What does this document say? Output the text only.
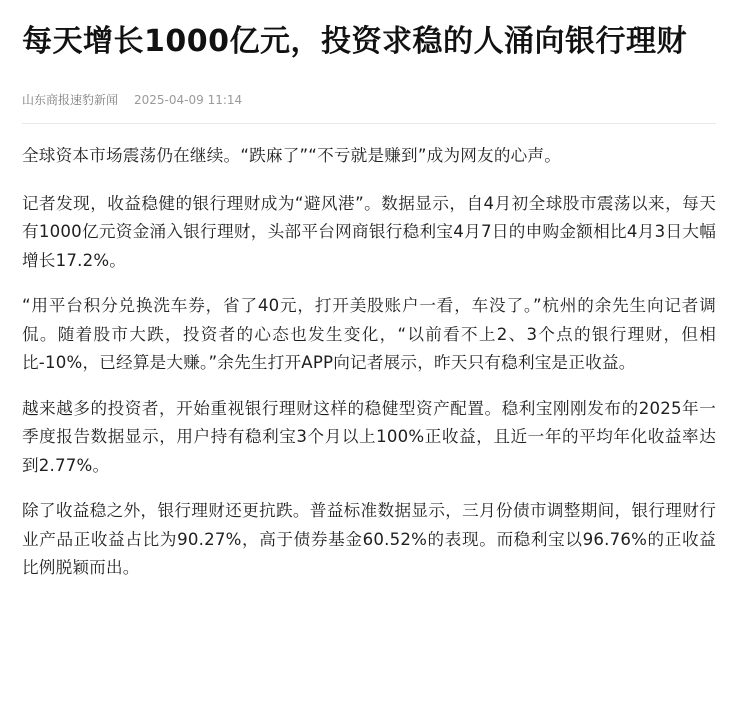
每天增长1000亿元，投资求稳的人涌向银行理财
山东商报速豹新闻 2025-04-09 11:14

全球资本市场震荡仍在继续。“跌麻了”“不亏就是赚到”成为网友的心声。

记者发现，收益稳健的银行理财成为“避风港”。数据显示，自4月初全球股市震荡以来，每天有1000亿元资金涌入银行理财，头部平台网商银行稳利宝4月7日的申购金额相比4月3日大幅增长17.2%。

“用平台积分兑换洗车券，省了40元，打开美股账户一看，车没了。”杭州的余先生向记者调侃。随着股市大跌，投资者的心态也发生变化，“以前看不上2、3个点的银行理财，但相比-10%，已经算是大赚。”余先生打开APP向记者展示，昨天只有稳利宝是正收益。

越来越多的投资者，开始重视银行理财这样的稳健型资产配置。稳利宝刚刚发布的2025年一季度报告数据显示，用户持有稳利宝3个月以上100%正收益，且近一年的平均年化收益率达到2.77%。

除了收益稳之外，银行理财还更抗跌。普益标准数据显示，三月份债市调整期间，银行理财行业产品正收益占比为90.27%，高于债券基金60.52%的表现。而稳利宝以96.76%的正收益比例脱颖而出。
